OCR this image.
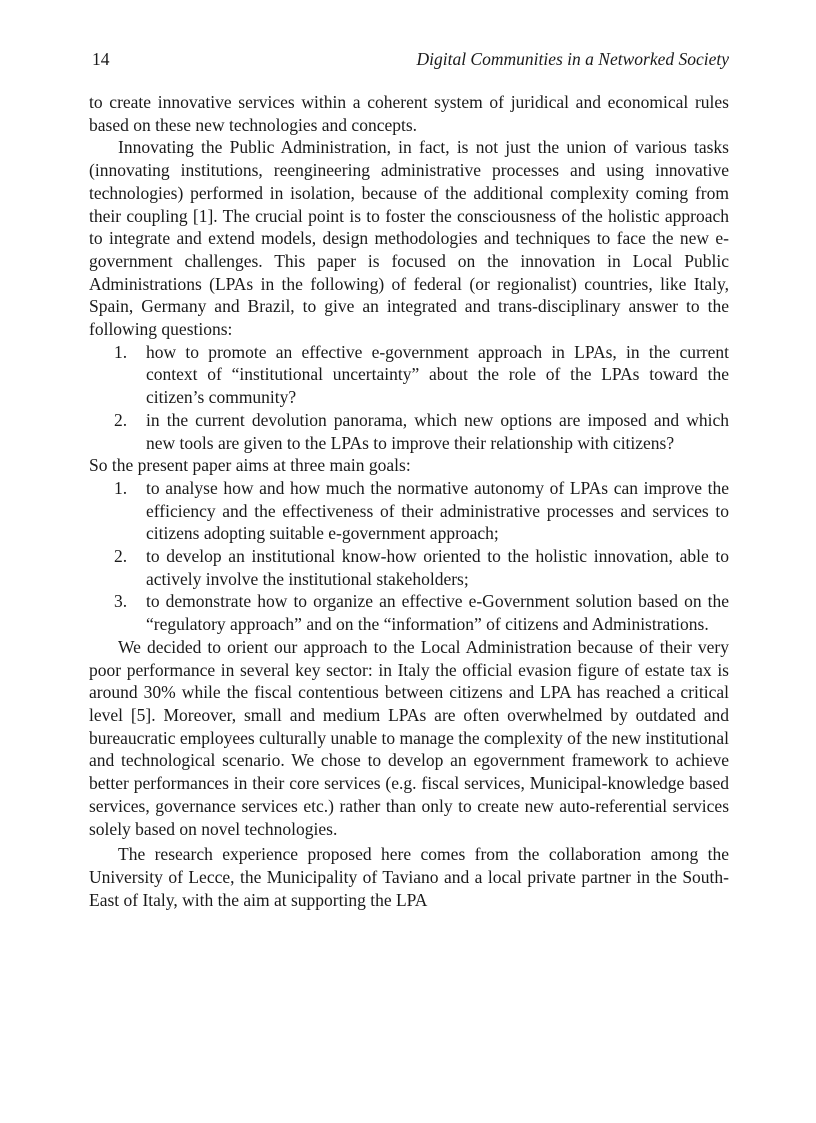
14	Digital Communities in a Networked Society

to create innovative services within a coherent system of juridical and economical rules based on these new technologies and concepts.

Innovating the Public Administration, in fact, is not just the union of various tasks (innovating institutions, reengineering administrative processes and using innovative technologies) performed in isolation, because of the additional complexity coming from their coupling [1]. The crucial point is to foster the consciousness of the holistic approach to integrate and extend models, design methodologies and techniques to face the new e-government challenges. This paper is focused on the innovation in Local Public Administrations (LPAs in the following) of federal (or regionalist) countries, like Italy, Spain, Germany and Brazil, to give an integrated and trans-disciplinary answer to the following questions:

1. how to promote an effective e-government approach in LPAs, in the current context of “institutional uncertainty” about the role of the LPAs toward the citizen’s community?
2. in the current devolution panorama, which new options are imposed and which new tools are given to the LPAs to improve their relationship with citizens?

So the present paper aims at three main goals:

1. to analyse how and how much the normative autonomy of LPAs can improve the efficiency and the effectiveness of their administrative processes and services to citizens adopting suitable e-government approach;
2. to develop an institutional know-how oriented to the holistic innovation, able to actively involve the institutional stakeholders;
3. to demonstrate how to organize an effective e-Government solution based on the “regulatory approach” and on the “information” of citizens and Administrations.

We decided to orient our approach to the Local Administration because of their very poor performance in several key sector: in Italy the official evasion figure of estate tax is around 30% while the fiscal contentious between citizens and LPA has reached a critical level [5]. Moreover, small and medium LPAs are often overwhelmed by outdated and bureaucratic employees culturally unable to manage the complexity of the new institutional and technological scenario. We chose to develop an egovernment framework to achieve better performances in their core services (e.g. fiscal services, Municipal-knowledge based services, governance services etc.) rather than only to create new auto-referential services solely based on novel technologies.

The research experience proposed here comes from the collaboration among the University of Lecce, the Municipality of Taviano and a local private partner in the South-East of Italy, with the aim at supporting the LPA
